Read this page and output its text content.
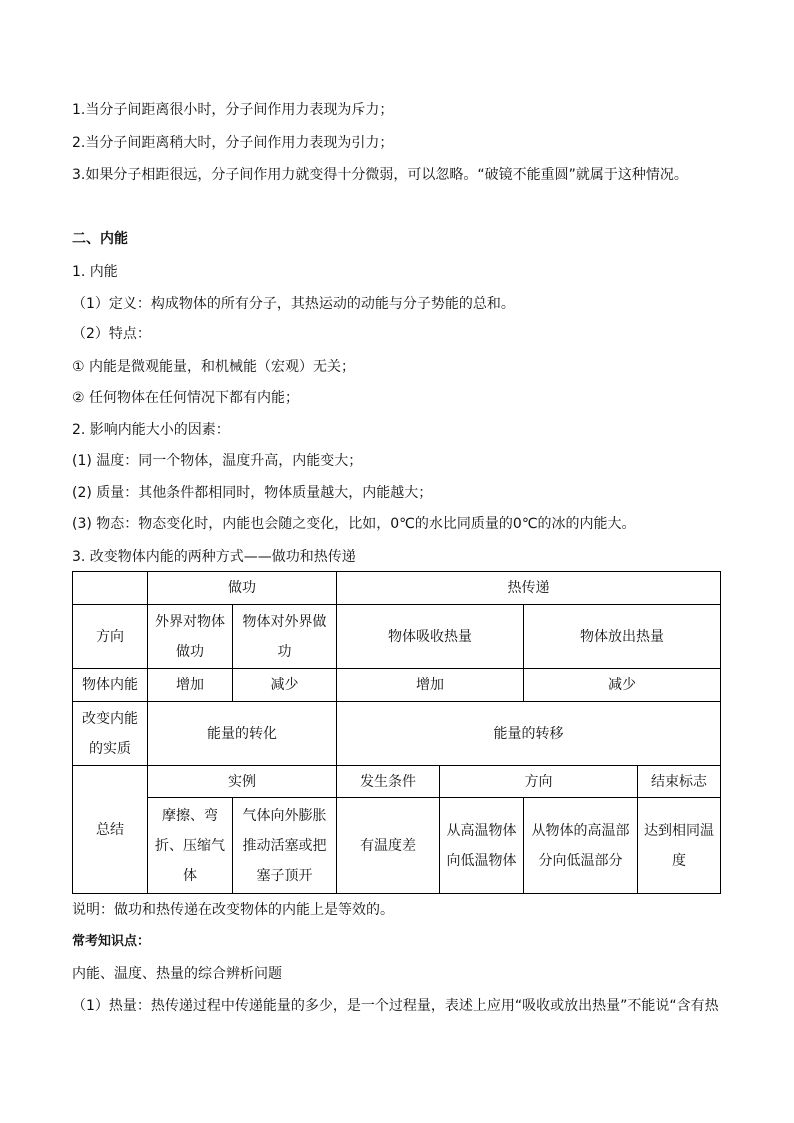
1.当分子间距离很小时，分子间作用力表现为斥力；
2.当分子间距离稍大时，分子间作用力表现为引力；
3.如果分子相距很远，分子间作用力就变得十分微弱，可以忽略。“破镜不能重圆”就属于这种情况。
二、内能
1. 内能
（1）定义：构成物体的所有分子，其热运动的动能与分子势能的总和。
（2）特点：
① 内能是微观能量，和机械能（宏观）无关；
② 任何物体在任何情况下都有内能；
2. 影响内能大小的因素：
(1) 温度：同一个物体，温度升高，内能变大；
(2) 质量：其他条件都相同时，物体质量越大，内能越大；
(3) 物态：物态变化时，内能也会随之变化，比如，0℃的水比同质量的0℃的冰的内能大。
3. 改变物体内能的两种方式——做功和热传递
	做功		热传递			
方向	外界对物体做功	物体对外界做功	物体吸收热量		物体放出热量	
物体内能	增加	减少	增加		减少	
改变内能的实质	能量的转化		能量的转移			
总结	实例		发生条件	方向		结束标志
	摩擦、弯折、压缩气体	气体向外膨胀推动活塞或把塞子顶开	有温度差	从高温物体向低温物体	从物体的高温部分向低温部分	达到相同温度
说明：做功和热传递在改变物体的内能上是等效的。
常考知识点：
内能、温度、热量的综合辨析问题
（1）热量：热传递过程中传递能量的多少，是一个过程量，表述上应用“吸收或放出热量”不能说“含有热
